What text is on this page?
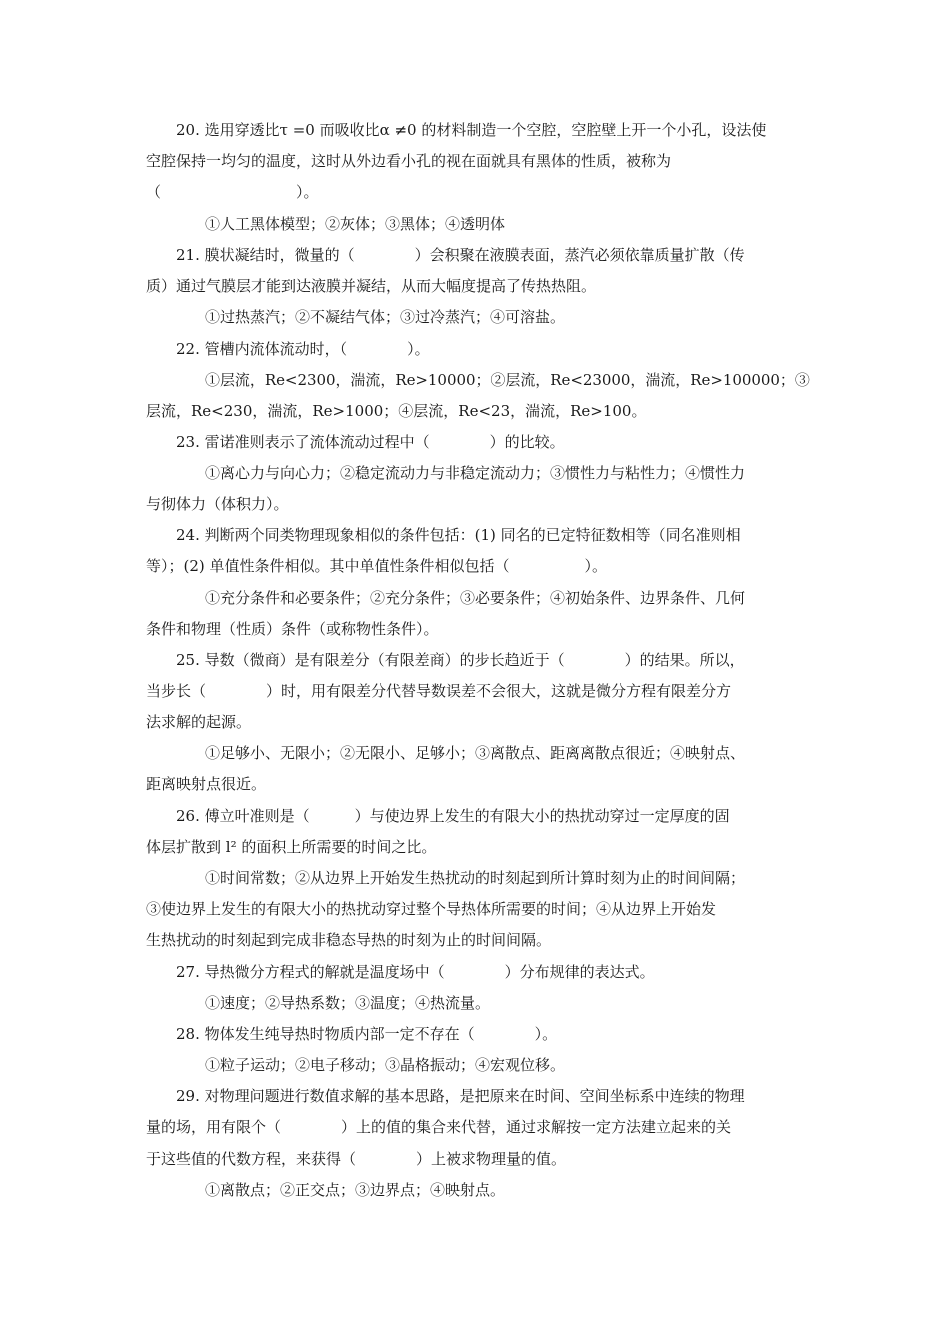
20. 选用穿透比τ =0 而吸收比α ≠0 的材料制造一个空腔，空腔壁上开一个小孔，设法使
空腔保持一均匀的温度，这时从外边看小孔的视在面就具有黑体的性质，被称为
（　　　　　　　　　）。
①人工黑体模型；②灰体；③黑体；④透明体
21. 膜状凝结时，微量的（　　　　）会积聚在液膜表面，蒸汽必须依靠质量扩散（传
质）通过气膜层才能到达液膜并凝结，从而大幅度提高了传热热阻。
①过热蒸汽；②不凝结气体；③过冷蒸汽；④可溶盐。
22. 管槽内流体流动时，（　　　　）。
①层流，Re<2300，湍流，Re>10000；②层流，Re<23000，湍流，Re>100000；③
层流，Re<230，湍流，Re>1000；④层流，Re<23，湍流，Re>100。
23. 雷诺准则表示了流体流动过程中（　　　　）的比较。
①离心力与向心力；②稳定流动力与非稳定流动力；③惯性力与粘性力；④惯性力
与彻体力（体积力）。
24. 判断两个同类物理现象相似的条件包括：(1) 同名的已定特征数相等（同名准则相
等）；(2) 单值性条件相似。其中单值性条件相似包括（　　　　　）。
①充分条件和必要条件；②充分条件；③必要条件；④初始条件、边界条件、几何
条件和物理（性质）条件（或称物性条件）。
25. 导数（微商）是有限差分（有限差商）的步长趋近于（　　　　）的结果。所以，
当步长（　　　　）时，用有限差分代替导数误差不会很大，这就是微分方程有限差分方
法求解的起源。
①足够小、无限小；②无限小、足够小；③离散点、距离离散点很近；④映射点、
距离映射点很近。
26. 傅立叶准则是（　　　）与使边界上发生的有限大小的热扰动穿过一定厚度的固
体层扩散到 l² 的面积上所需要的时间之比。
①时间常数；②从边界上开始发生热扰动的时刻起到所计算时刻为止的时间间隔；
③使边界上发生的有限大小的热扰动穿过整个导热体所需要的时间；④从边界上开始发
生热扰动的时刻起到完成非稳态导热的时刻为止的时间间隔。
27. 导热微分方程式的解就是温度场中（　　　　）分布规律的表达式。
①速度；②导热系数；③温度；④热流量。
28. 物体发生纯导热时物质内部一定不存在（　　　　）。
①粒子运动；②电子移动；③晶格振动；④宏观位移。
29. 对物理问题进行数值求解的基本思路，是把原来在时间、空间坐标系中连续的物理
量的场，用有限个（　　　　）上的值的集合来代替，通过求解按一定方法建立起来的关
于这些值的代数方程，来获得（　　　　）上被求物理量的值。
①离散点；②正交点；③边界点；④映射点。
